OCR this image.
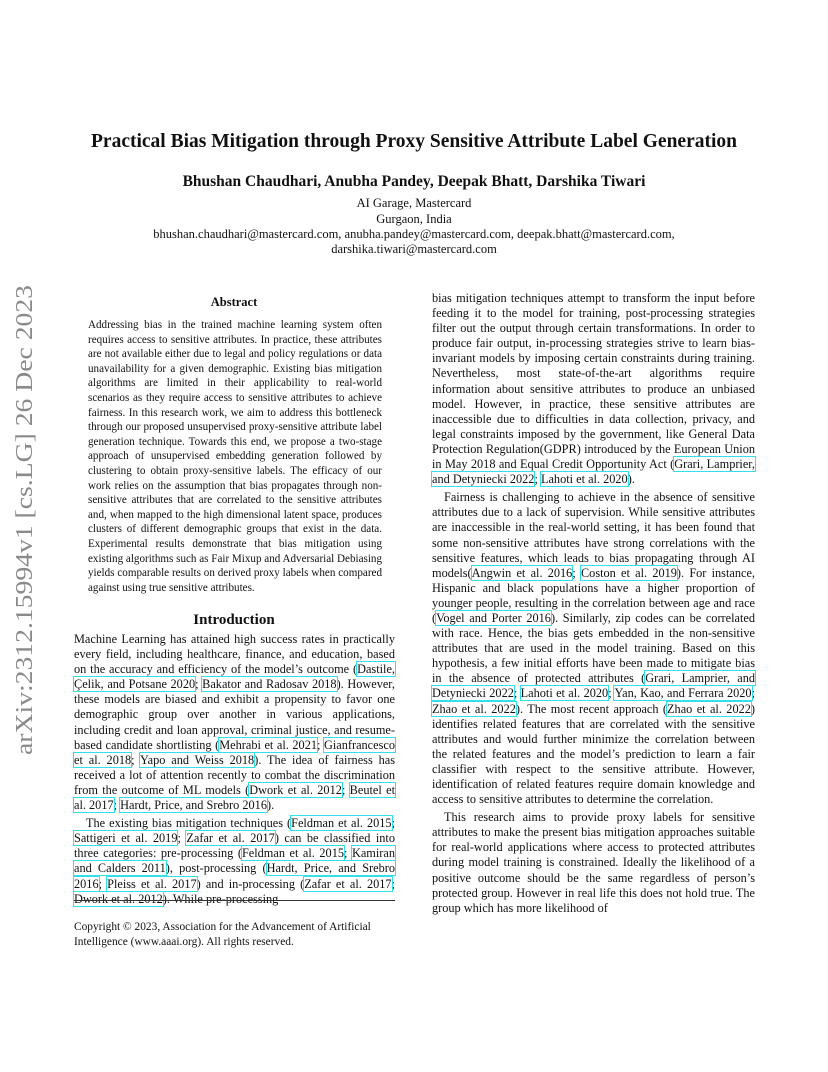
arXiv:2312.15994v1 [cs.LG] 26 Dec 2023
Practical Bias Mitigation through Proxy Sensitive Attribute Label Generation
Bhushan Chaudhari, Anubha Pandey, Deepak Bhatt, Darshika Tiwari
AI Garage, Mastercard
Gurgaon, India
bhushan.chaudhari@mastercard.com, anubha.pandey@mastercard.com, deepak.bhatt@mastercard.com,
darshika.tiwari@mastercard.com
Abstract
Addressing bias in the trained machine learning system often requires access to sensitive attributes. In practice, these attributes are not available either due to legal and policy regulations or data unavailability for a given demographic. Existing bias mitigation algorithms are limited in their applicability to real-world scenarios as they require access to sensitive attributes to achieve fairness. In this research work, we aim to address this bottleneck through our proposed unsupervised proxy-sensitive attribute label generation technique. Towards this end, we propose a two-stage approach of unsupervised embedding generation followed by clustering to obtain proxy-sensitive labels. The efficacy of our work relies on the assumption that bias propagates through non-sensitive attributes that are correlated to the sensitive attributes and, when mapped to the high dimensional latent space, produces clusters of different demographic groups that exist in the data. Experimental results demonstrate that bias mitigation using existing algorithms such as Fair Mixup and Adversarial Debiasing yields comparable results on derived proxy labels when compared against using true sensitive attributes.
Introduction

Machine Learning has attained high success rates in practically every field, including healthcare, finance, and education, based on the accuracy and efficiency of the model’s outcome (Dastile, Çelik, and Potsane 2020; Bakator and Radosav 2018). However, these models are biased and exhibit a propensity to favor one demographic group over another in various applications, including credit and loan approval, criminal justice, and resume-based candidate shortlisting (Mehrabi et al. 2021; Gianfrancesco et al. 2018; Yapo and Weiss 2018). The idea of fairness has received a lot of attention recently to combat the discrimination from the outcome of ML models (Dwork et al. 2012; Beutel et al. 2017; Hardt, Price, and Srebro 2016).

The existing bias mitigation techniques (Feldman et al. 2015; Sattigeri et al. 2019; Zafar et al. 2017) can be classified into three categories: pre-processing (Feldman et al. 2015; Kamiran and Calders 2011), post-processing (Hardt, Price, and Srebro 2016; Pleiss et al. 2017) and in-processing (Zafar et al. 2017; Dwork et al. 2012). While pre-processing

Copyright © 2023, Association for the Advancement of Artificial Intelligence (www.aaai.org). All rights reserved.

bias mitigation techniques attempt to transform the input before feeding it to the model for training, post-processing strategies filter out the output through certain transformations. In order to produce fair output, in-processing strategies strive to learn bias-invariant models by imposing certain constraints during training. Nevertheless, most state-of-the-art algorithms require information about sensitive attributes to produce an unbiased model. However, in practice, these sensitive attributes are inaccessible due to difficulties in data collection, privacy, and legal constraints imposed by the government, like General Data Protection Regulation(GDPR) introduced by the European Union in May 2018 and Equal Credit Opportunity Act (Grari, Lamprier, and Detyniecki 2022; Lahoti et al. 2020).

Fairness is challenging to achieve in the absence of sensitive attributes due to a lack of supervision. While sensitive attributes are inaccessible in the real-world setting, it has been found that some non-sensitive attributes have strong correlations with the sensitive features, which leads to bias propagating through AI models(Angwin et al. 2016; Coston et al. 2019). For instance, Hispanic and black populations have a higher proportion of younger people, resulting in the correlation between age and race (Vogel and Porter 2016). Similarly, zip codes can be correlated with race. Hence, the bias gets embedded in the non-sensitive attributes that are used in the model training. Based on this hypothesis, a few initial efforts have been made to mitigate bias in the absence of protected attributes (Grari, Lamprier, and Detyniecki 2022; Lahoti et al. 2020; Yan, Kao, and Ferrara 2020; Zhao et al. 2022). The most recent approach (Zhao et al. 2022) identifies related features that are correlated with the sensitive attributes and would further minimize the correlation between the related features and the model’s prediction to learn a fair classifier with respect to the sensitive attribute. However, identification of related features require domain knowledge and access to sensitive attributes to determine the correlation.

This research aims to provide proxy labels for sensitive attributes to make the present bias mitigation approaches suitable for real-world applications where access to protected attributes during model training is constrained. Ideally the likelihood of a positive outcome should be the same regardless of person’s protected group. However in real life this does not hold true. The group which has more likelihood of
